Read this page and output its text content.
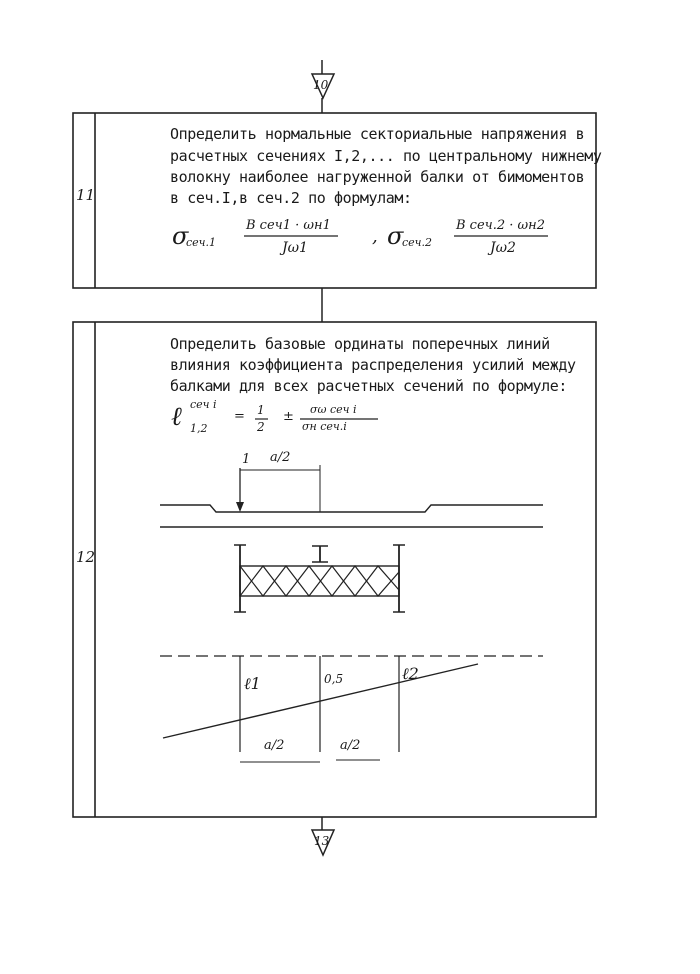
10
13
11
Определить нормальные секториальные напряжения в
расчетных сечениях I,2,... по центральному нижнему
волокну наиболее нагруженной балки от бимоментов
в сеч.I,в сеч.2 по формулам:
σ
сеч.1
B сеч1 · ωн1
Jω1
, σ
сеч.2
B сеч.2 · ωн2
Jω2
12
Определить базовые ординаты поперечных линий
влияния коэффициента распределения усилий между
балками для всех расчетных сечений по формуле:
ℓ сеч i
1,2
= 1
2
± σω сеч i
σн сеч.i
1 a/2
ℓ1	0,5	ℓ2
a/2	a/2
